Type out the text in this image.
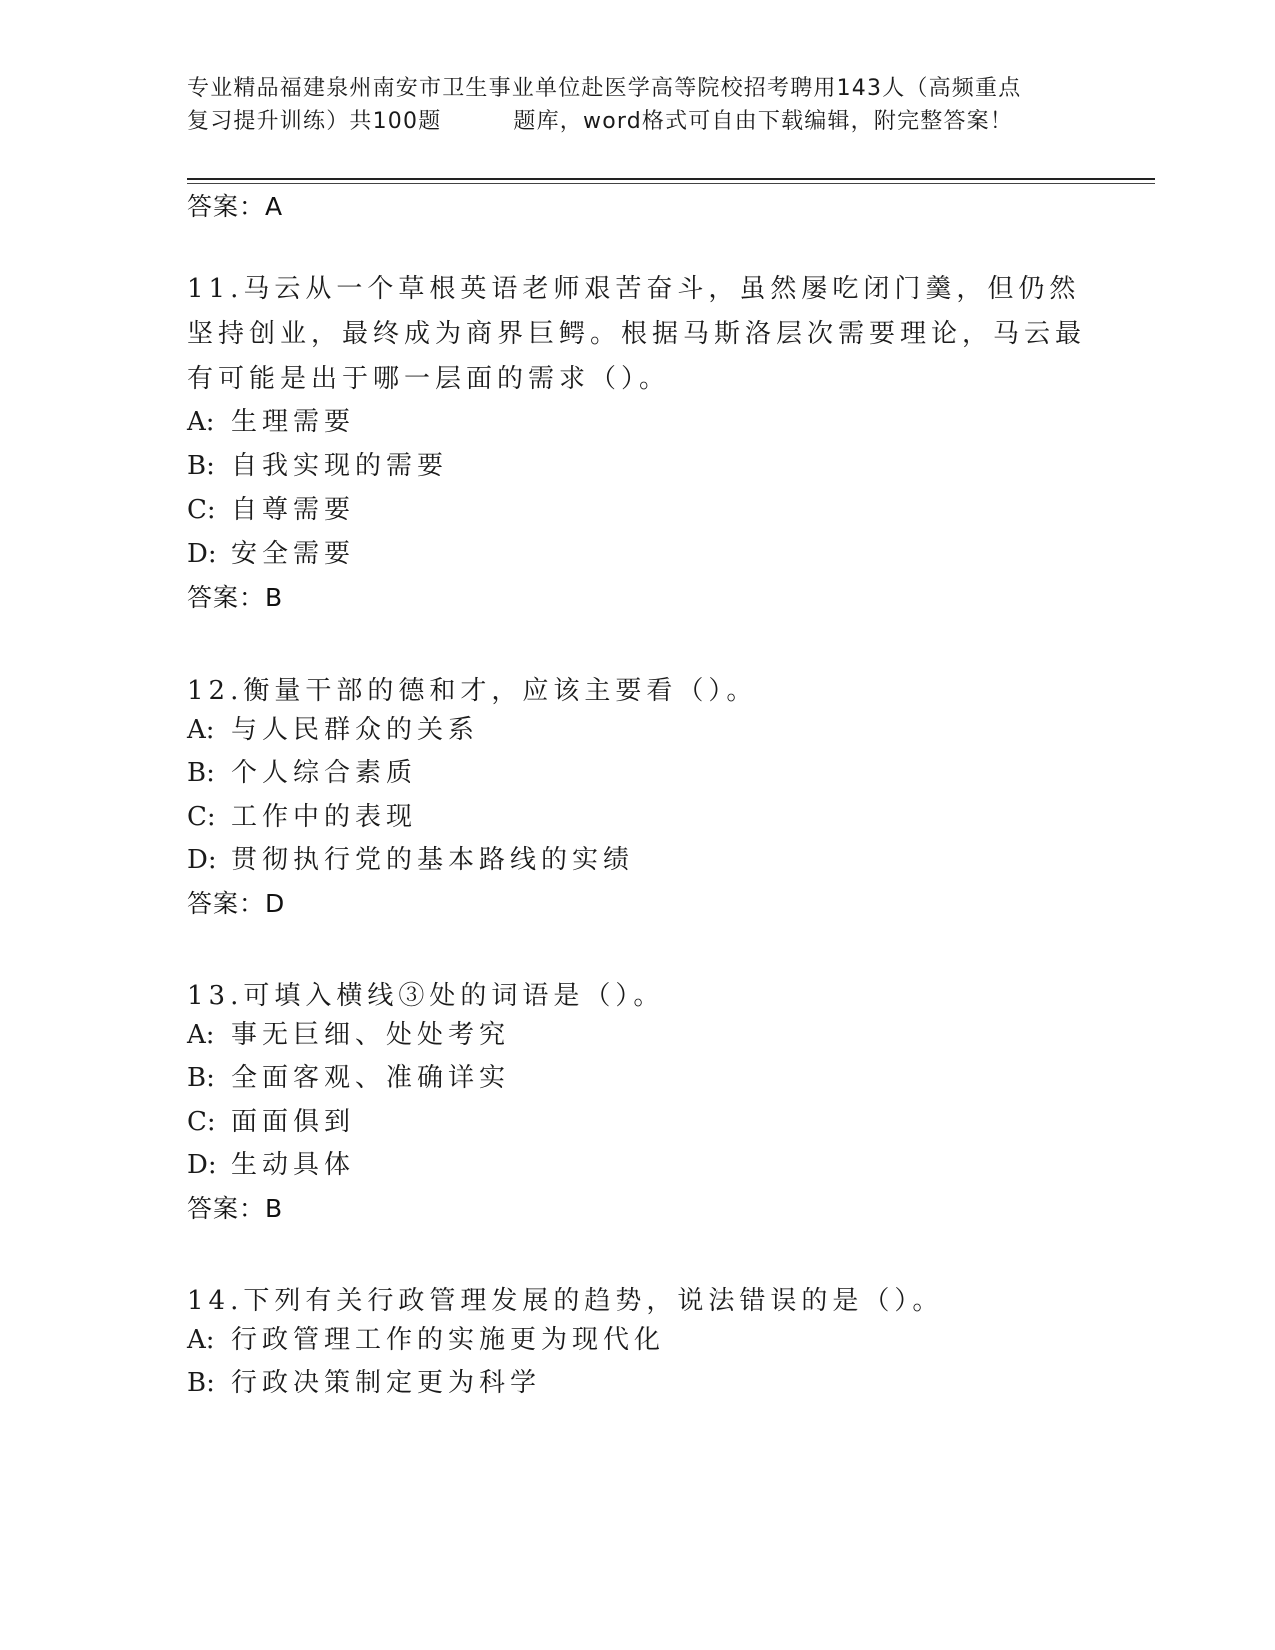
专业精品福建泉州南安市卫生事业单位赴医学高等院校招考聘用143人（高频重点
复习提升训练）共100题	题库，word格式可自由下载编辑，附完整答案！
答案：A
11.马云从一个草根英语老师艰苦奋斗，虽然屡吃闭门羹，但仍然坚持创业，最终成为商界巨鳄。根据马斯洛层次需要理论，马云最有可能是出于哪一层面的需求（）。
A: 生理需要
B: 自我实现的需要
C: 自尊需要
D: 安全需要
答案：B
12.衡量干部的德和才，应该主要看（）。
A: 与人民群众的关系
B: 个人综合素质
C: 工作中的表现
D: 贯彻执行党的基本路线的实绩
答案：D
13.可填入横线③处的词语是（）。
A: 事无巨细、处处考究
B: 全面客观、准确详实
C: 面面俱到
D: 生动具体
答案：B
14.下列有关行政管理发展的趋势，说法错误的是（）。
A: 行政管理工作的实施更为现代化
B: 行政决策制定更为科学
